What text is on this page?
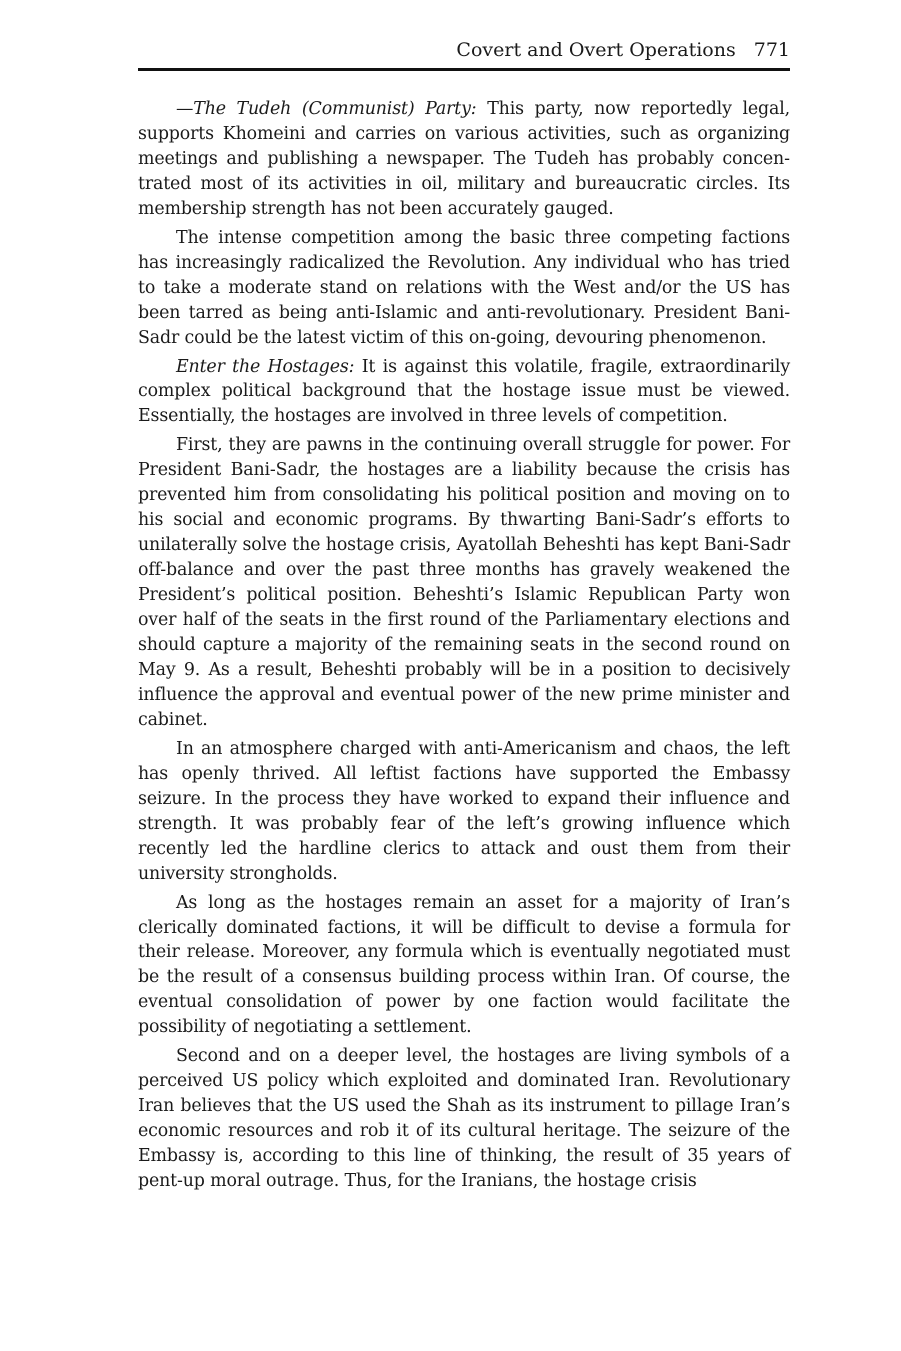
Covert and Overt Operations 771

—The Tudeh (Communist) Party: This party, now reportedly legal, supports Khomeini and carries on various activities, such as organizing meetings and publishing a newspaper. The Tudeh has probably concentrated most of its activities in oil, military and bureaucratic circles. Its membership strength has not been accurately gauged.

The intense competition among the basic three competing factions has increasingly radicalized the Revolution. Any individual who has tried to take a moderate stand on relations with the West and/or the US has been tarred as being anti-Islamic and anti-revolutionary. President Bani-Sadr could be the latest victim of this on-going, devouring phenomenon.

Enter the Hostages: It is against this volatile, fragile, extraordinarily complex political background that the hostage issue must be viewed. Essentially, the hostages are involved in three levels of competition.

First, they are pawns in the continuing overall struggle for power. For President Bani-Sadr, the hostages are a liability because the crisis has prevented him from consolidating his political position and moving on to his social and economic programs. By thwarting Bani-Sadr’s efforts to unilaterally solve the hostage crisis, Ayatollah Beheshti has kept Bani-Sadr off-balance and over the past three months has gravely weakened the President’s political position. Beheshti’s Islamic Republican Party won over half of the seats in the first round of the Parliamentary elections and should capture a majority of the remaining seats in the second round on May 9. As a result, Beheshti probably will be in a position to decisively influence the approval and eventual power of the new prime minister and cabinet.

In an atmosphere charged with anti-Americanism and chaos, the left has openly thrived. All leftist factions have supported the Embassy seizure. In the process they have worked to expand their influence and strength. It was probably fear of the left’s growing influence which recently led the hardline clerics to attack and oust them from their university strongholds.

As long as the hostages remain an asset for a majority of Iran’s clerically dominated factions, it will be difficult to devise a formula for their release. Moreover, any formula which is eventually negotiated must be the result of a consensus building process within Iran. Of course, the eventual consolidation of power by one faction would facilitate the possibility of negotiating a settlement.

Second and on a deeper level, the hostages are living symbols of a perceived US policy which exploited and dominated Iran. Revolutionary Iran believes that the US used the Shah as its instrument to pillage Iran’s economic resources and rob it of its cultural heritage. The seizure of the Embassy is, according to this line of thinking, the result of 35 years of pent-up moral outrage. Thus, for the Iranians, the hostage crisis
